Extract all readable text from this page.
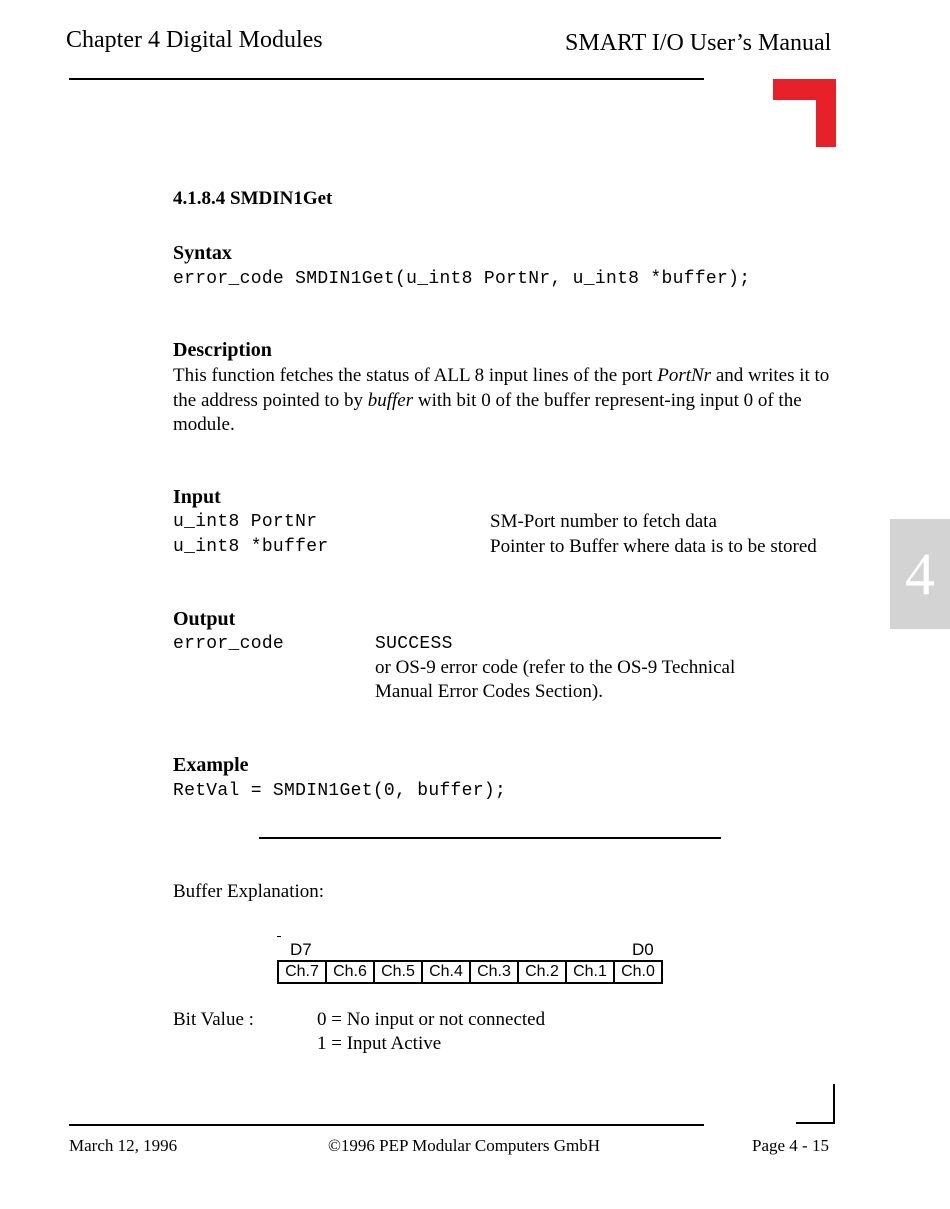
Chapter 4 Digital Modules	SMART I/O User’s Manual
4
4.1.8.4 SMDIN1Get
Syntax
error_code SMDIN1Get(u_int8 PortNr, u_int8 *buffer);
Description
This function fetches the status of ALL 8 input lines of the port PortNr and writes it to the address pointed to by buffer with bit 0 of the buffer represent-ing input 0 of the module.
Input
u_int8 PortNr	SM-Port number to fetch data
u_int8 *buffer	Pointer to Buffer where data is to be stored
Output
error_code	SUCCESS
or OS-9 error code (refer to the OS-9 Technical Manual Error Codes Section).
Example
RetVal = SMDIN1Get(0, buffer);
Buffer Explanation:
D7	D0
Ch.7 Ch.6 Ch.5 Ch.4 Ch.3 Ch.2 Ch.1 Ch.0
Bit Value :	0 = No input or not connected
1 = Input Active
March 12, 1996	©1996 PEP Modular Computers GmbH	Page 4 - 15
